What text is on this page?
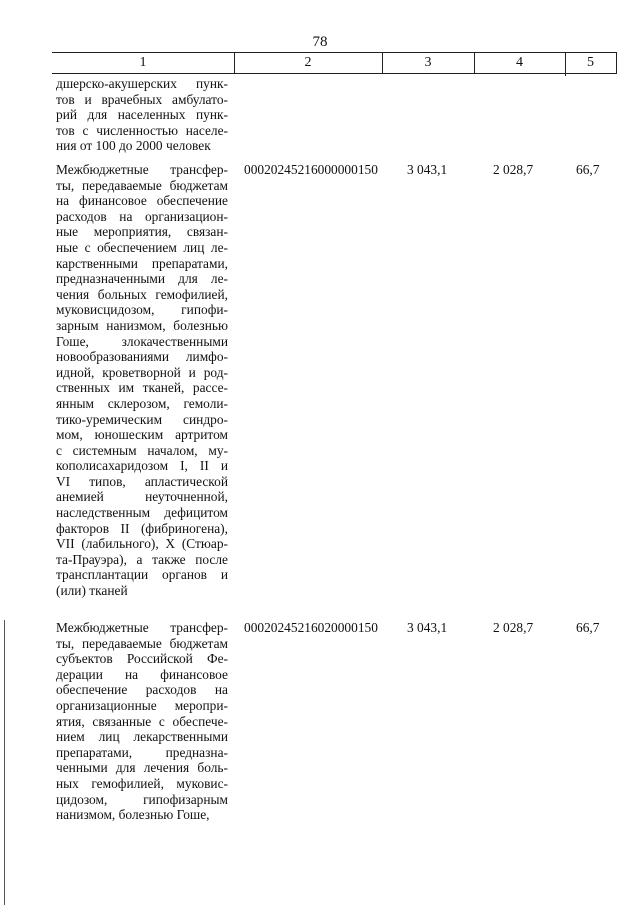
78
1	2	3	4	5
дшерско-акушерских пунк-
тов и врачебных амбулато-
рий для населенных пунк-
тов с численностью населе-
ния от 100 до 2000 человек
Межбюджетные трансфер-
ты, передаваемые бюджетам
на финансовое обеспечение
расходов на организацион-
ные мероприятия, связан-
ные с обеспечением лиц ле-
карственными препаратами,
предназначенными для ле-
чения больных гемофилией,
муковисцидозом, гипофи-
зарным нанизмом, болезнью
Гоше, злокачественными
новообразованиями лимфо-
идной, кроветворной и род-
ственных им тканей, рассе-
янным склерозом, гемоли-
тико-уремическим синдро-
мом, юношеским артритом
с системным началом, му-
кополисахаридозом I, II и
VI типов, апластической
анемией неуточненной,
наследственным дефицитом
факторов II (фибриногена),
VII (лабильного), X (Стюар-
та-Прауэра), а также после
трансплантации органов и
(или) тканей
00020245216000000150 3 043,1	2 028,7	66,7
Межбюджетные трансфер-
ты, передаваемые бюджетам
субъектов Российской Фе-
дерации на финансовое
обеспечение расходов на
организационные меропри-
ятия, связанные с обеспече-
нием лиц лекарственными
препаратами, предназна-
ченными для лечения боль-
ных гемофилией, муковис-
цидозом, гипофизарным
нанизмом, болезнью Гоше,
00020245216020000150 3 043,1	2 028,7	66,7
